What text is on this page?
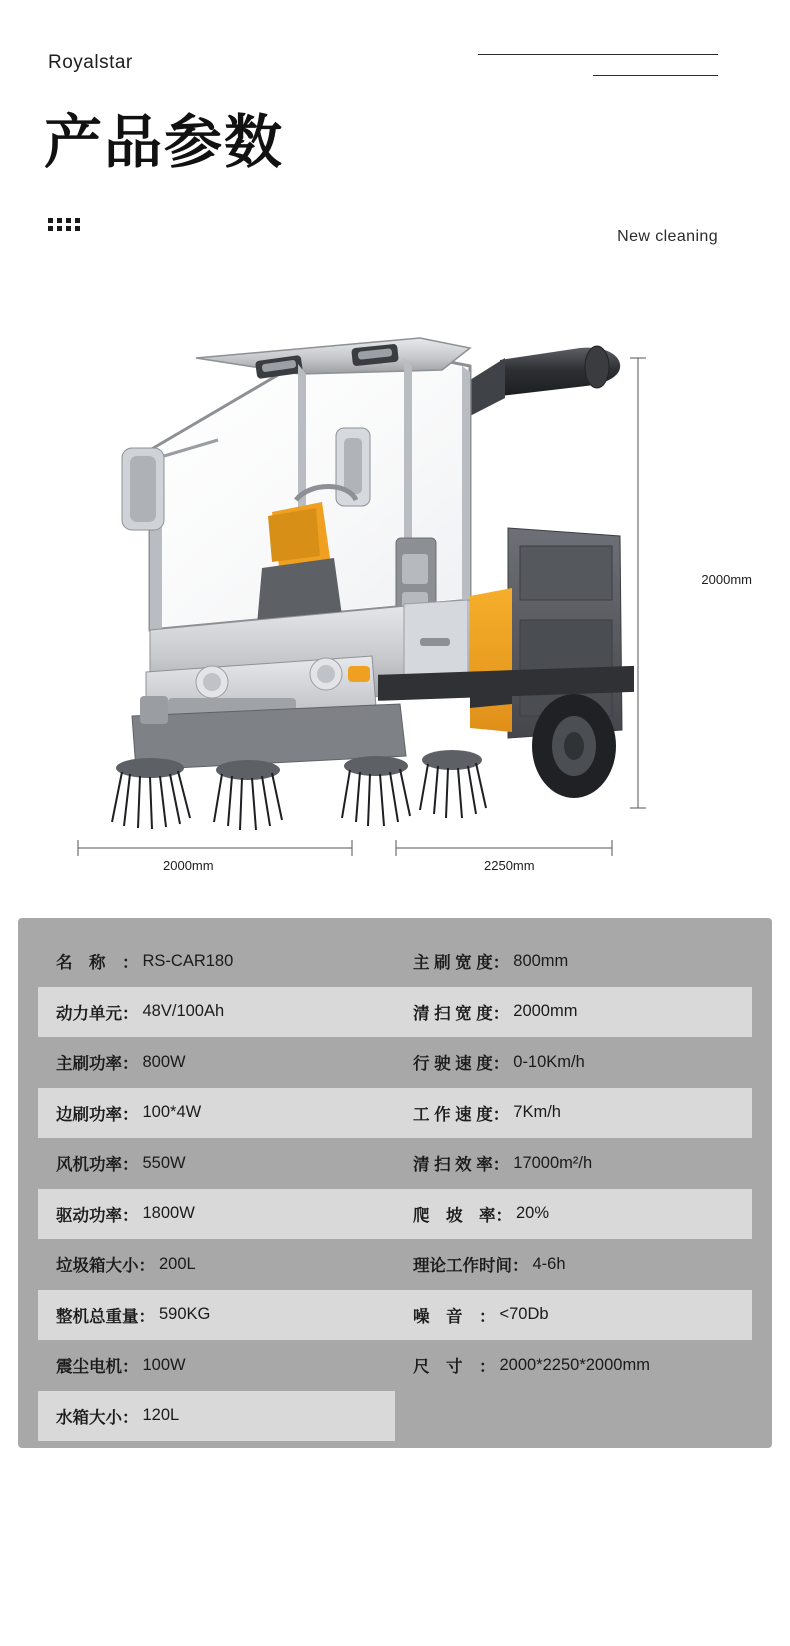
Royalstar
产品参数
New cleaning
2000mm
2000mm	2250mm
名　称　： RS-CAR180	主 刷 宽 度： 800mm
动力单元： 48V/100Ah	清 扫 宽 度： 2000mm
主刷功率： 800W	行 驶 速 度： 0-10Km/h
边刷功率： 100*4W	工 作 速 度： 7Km/h
风机功率： 550W	清 扫 效 率： 17000m²/h
驱动功率： 1800W	爬　坡　率： 20%
垃圾箱大小： 200L	理论工作时间： 4-6h
整机总重量： 590KG	噪　音　： <70Db
震尘电机： 100W	尺　寸　： 2000*2250*2000mm
水箱大小： 120L
